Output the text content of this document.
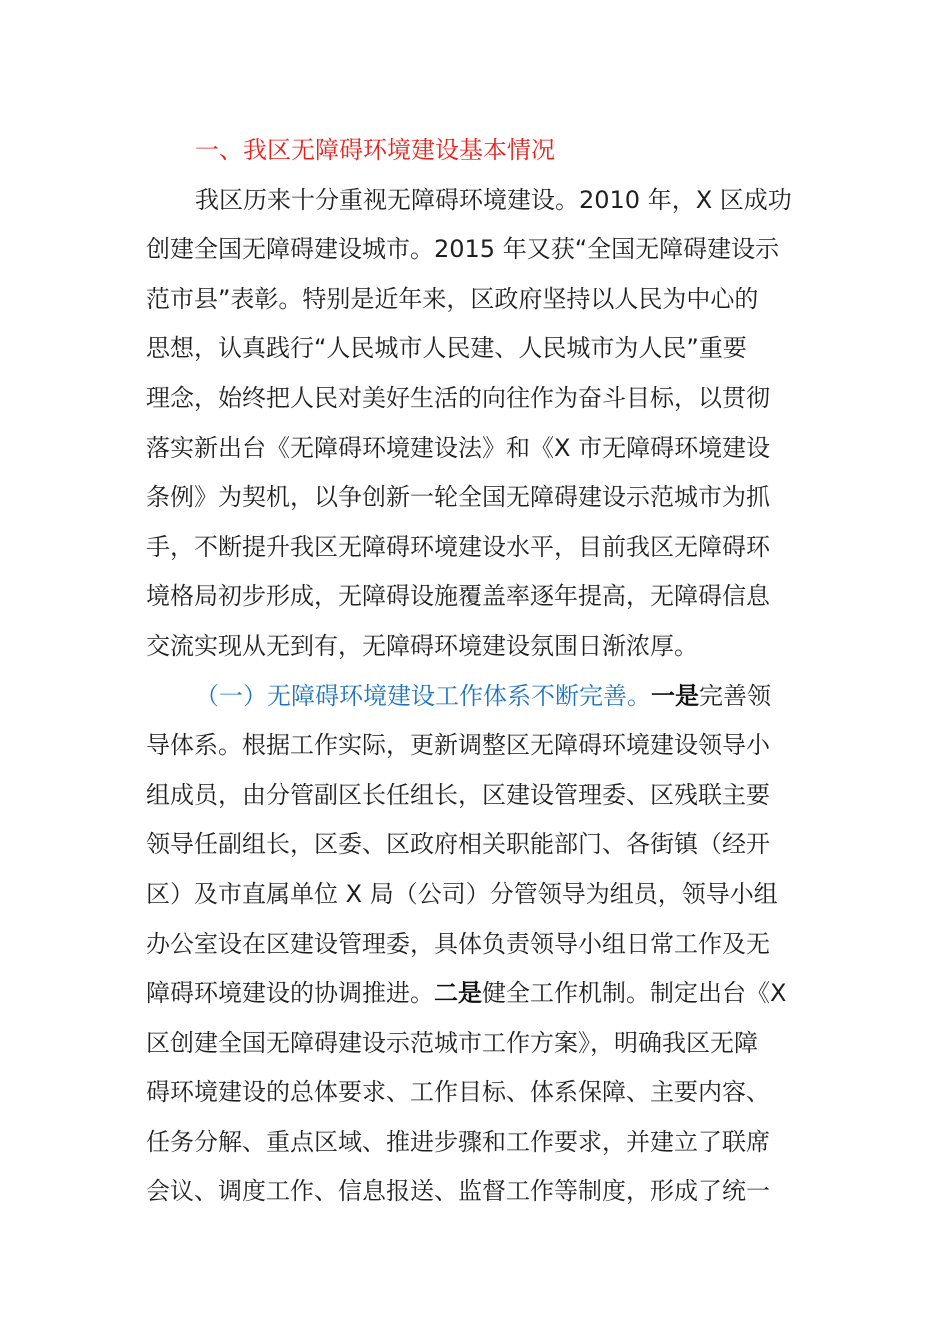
一、我区无障碍环境建设基本情况
我区历来十分重视无障碍环境建设。2010 年，X 区成功
创建全国无障碍建设城市。2015 年又获“全国无障碍建设示
范市县”表彰。特别是近年来，区政府坚持以人民为中心的
思想，认真践行“人民城市人民建、人民城市为人民”重要
理念，始终把人民对美好生活的向往作为奋斗目标，以贯彻
落实新出台《无障碍环境建设法》和《X 市无障碍环境建设
条例》为契机，以争创新一轮全国无障碍建设示范城市为抓
手，不断提升我区无障碍环境建设水平，目前我区无障碍环
境格局初步形成，无障碍设施覆盖率逐年提高，无障碍信息
交流实现从无到有，无障碍环境建设氛围日渐浓厚。
（一）无障碍环境建设工作体系不断完善。一是完善领
导体系。根据工作实际，更新调整区无障碍环境建设领导小
组成员，由分管副区长任组长，区建设管理委、区残联主要
领导任副组长，区委、区政府相关职能部门、各街镇（经开
区）及市直属单位 X 局（公司）分管领导为组员，领导小组
办公室设在区建设管理委，具体负责领导小组日常工作及无
障碍环境建设的协调推进。二是健全工作机制。制定出台《X
区创建全国无障碍建设示范城市工作方案》，明确我区无障
碍环境建设的总体要求、工作目标、体系保障、主要内容、
任务分解、重点区域、推进步骤和工作要求，并建立了联席
会议、调度工作、信息报送、监督工作等制度，形成了统一
